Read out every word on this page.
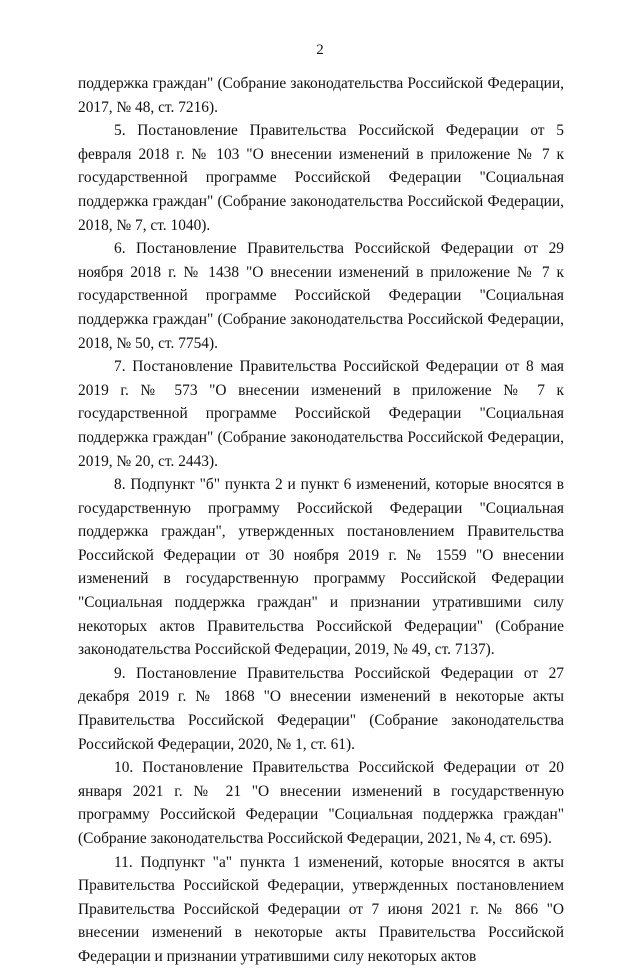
2

поддержка граждан" (Собрание законодательства Российской Федерации, 2017, № 48, ст. 7216).

5. Постановление Правительства Российской Федерации от 5 февраля 2018 г. № 103 "О внесении изменений в приложение № 7 к государственной программе Российской Федерации "Социальная поддержка граждан" (Собрание законодательства Российской Федерации, 2018, № 7, ст. 1040).

6. Постановление Правительства Российской Федерации от 29 ноября 2018 г. № 1438 "О внесении изменений в приложение № 7 к государственной программе Российской Федерации "Социальная поддержка граждан" (Собрание законодательства Российской Федерации, 2018, № 50, ст. 7754).

7. Постановление Правительства Российской Федерации от 8 мая 2019 г. № 573 "О внесении изменений в приложение № 7 к государственной программе Российской Федерации "Социальная поддержка граждан" (Собрание законодательства Российской Федерации, 2019, № 20, ст. 2443).

8. Подпункт "б" пункта 2 и пункт 6 изменений, которые вносятся в государственную программу Российской Федерации "Социальная поддержка граждан", утвержденных постановлением Правительства Российской Федерации от 30 ноября 2019 г. № 1559 "О внесении изменений в государственную программу Российской Федерации "Социальная поддержка граждан" и признании утратившими силу некоторых актов Правительства Российской Федерации" (Собрание законодательства Российской Федерации, 2019, № 49, ст. 7137).

9. Постановление Правительства Российской Федерации от 27 декабря 2019 г. № 1868 "О внесении изменений в некоторые акты Правительства Российской Федерации" (Собрание законодательства Российской Федерации, 2020, № 1, ст. 61).

10. Постановление Правительства Российской Федерации от 20 января 2021 г. № 21 "О внесении изменений в государственную программу Российской Федерации "Социальная поддержка граждан" (Собрание законодательства Российской Федерации, 2021, № 4, ст. 695).

11. Подпункт "а" пункта 1 изменений, которые вносятся в акты Правительства Российской Федерации, утвержденных постановлением Правительства Российской Федерации от 7 июня 2021 г. № 866 "О внесении изменений в некоторые акты Правительства Российской Федерации и признании утратившими силу некоторых актов
